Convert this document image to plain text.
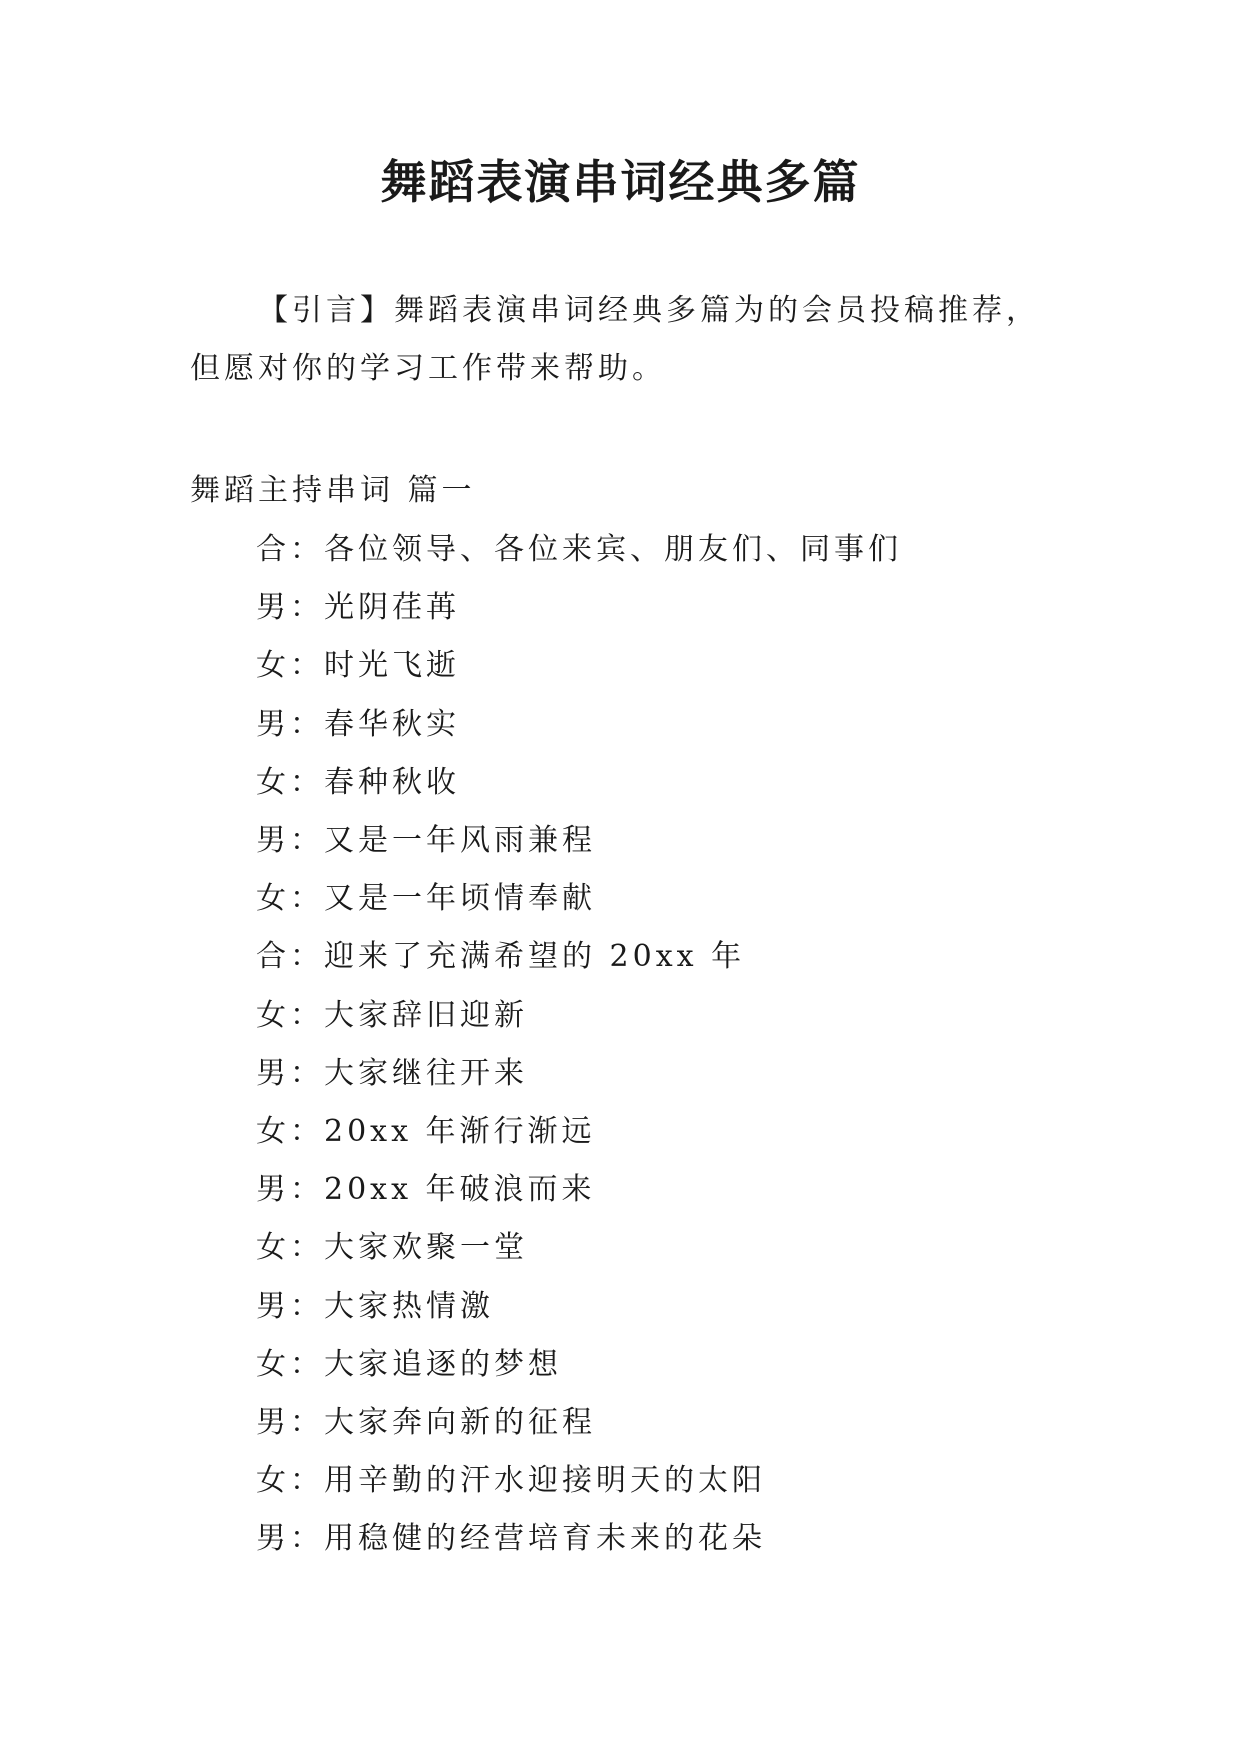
舞蹈表演串词经典多篇

【引言】舞蹈表演串词经典多篇为的会员投稿推荐，但愿对你的学习工作带来帮助。

舞蹈主持串词 篇一

合：各位领导、各位来宾、朋友们、同事们
男：光阴荏苒
女：时光飞逝
男：春华秋实
女：春种秋收
男：又是一年风雨兼程
女：又是一年顷情奉献
合：迎来了充满希望的 20xx 年
女：大家辞旧迎新
男：大家继往开来
女：20xx 年渐行渐远
男：20xx 年破浪而来
女：大家欢聚一堂
男：大家热情激
女：大家追逐的梦想
男：大家奔向新的征程
女：用辛勤的汗水迎接明天的太阳
男：用稳健的经营培育未来的花朵
